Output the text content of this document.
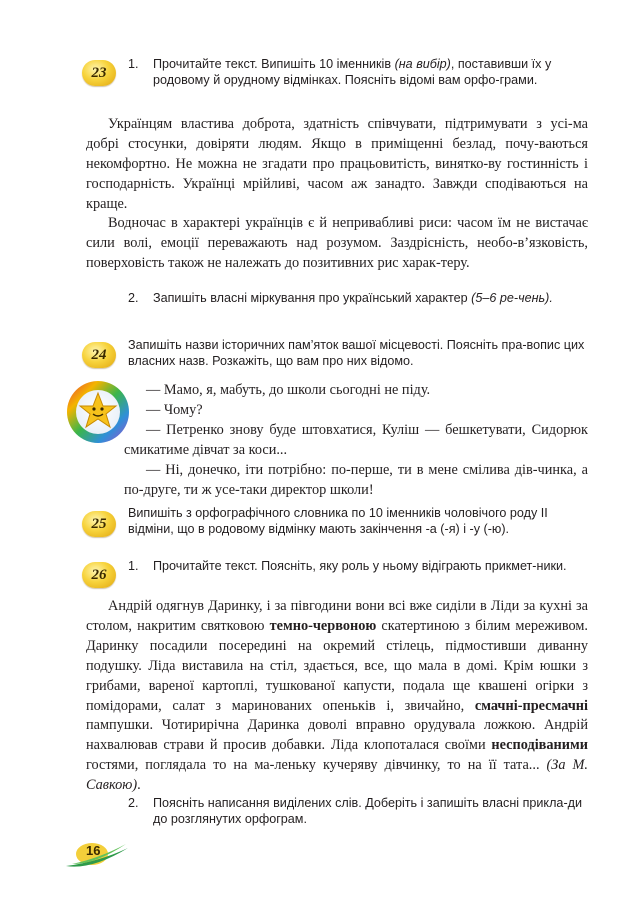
23
1. Прочитайте текст. Випишіть 10 іменників (на вибір), поставивши їх у родовому й орудному відмінках. Поясніть відомі вам орфо-грами.

Українцям властива доброта, здатність співчувати, підтримувати з усі-ма добрі стосунки, довіряти людям. Якщо в приміщенні безлад, почу-ваються некомфортно. Не можна не згадати про працьовитість, винятко-ву гостинність і господарність. Українці мрійливі, часом аж занадто. Завжди сподіваються на краще.

Водночас в характері українців є й непривабливі риси: часом їм не вистачає сили волі, емоції переважають над розумом. Заздрісність, необо-в’язковість, поверховість також не належать до позитивних рис харак-теру.

2. Запишіть власні міркування про український характер (5–6 ре-чень).
24
Запишіть назви історичних пам’яток вашої місцевості. Поясніть пра-вопис цих власних назв. Розкажіть, що вам про них відомо.

— Мамо, я, мабуть, до школи сьогодні не піду.

— Чому?

— Петренко знову буде штовхатися, Куліш — бешкетувати, Сидорюк смикатиме дівчат за коси...

— Ні, донечко, іти потрібно: по-перше, ти в мене смілива дів-чинка, а по-друге, ти ж усе-таки директор школи!

25
Випишіть з орфографічного словника по 10 іменників чоловічого роду ІІ відміни, що в родовому відмінку мають закінчення -а (-я) і -у (-ю).
26
1. Прочитайте текст. Поясніть, яку роль у ньому відіграють прикмет-ники.

Андрій одягнув Даринку, і за півгодини вони всі вже сиділи в Ліди за кухні за столом, накритим святковою темно-червоною скатертиною з білим мереживом. Даринку посадили посередині на окремий стілець, підмостивши диванну подушку. Ліда виставила на стіл, здається, все, що мала в домі. Крім юшки з грибами, вареної картоплі, тушкованої капусти, подала ще квашені огірки з помідорами, салат з маринованих опеньків і, звичайно, смачні-пресмачні пампушки. Чотирирічна Даринка доволі вправно орудувала ложкою. Андрій нахвалював страви й просив добавки. Ліда клопоталася своїми несподіваними гостями, поглядала то на ма-леньку кучеряву дівчинку, то на її тата... (За М. Савкою).

2. Поясніть написання виділених слів. Доберіть і запишіть власні прикла-ди до розглянутих орфограм.
16
